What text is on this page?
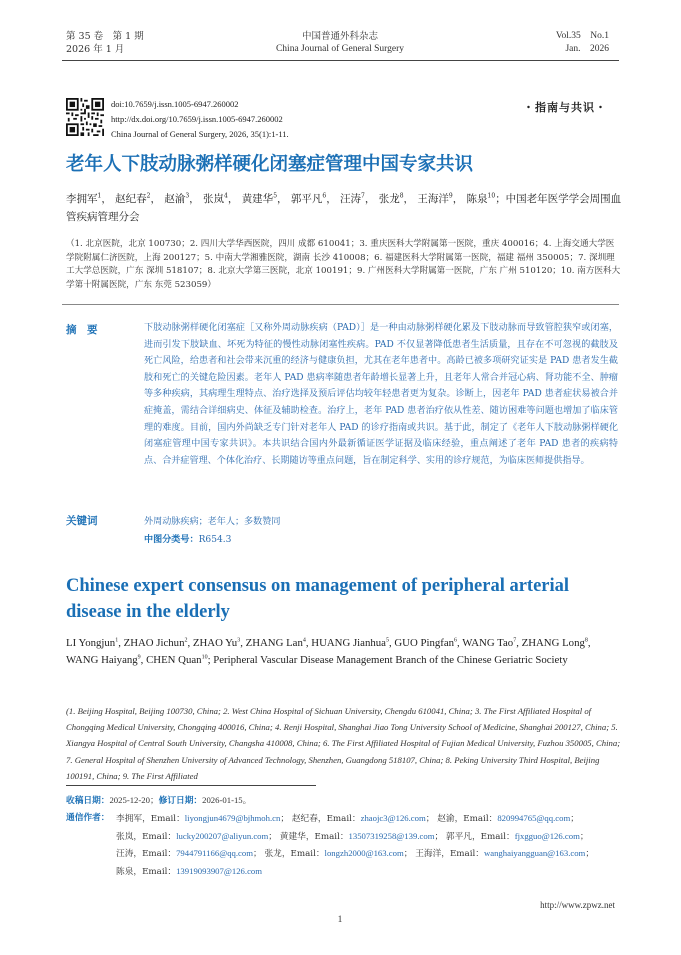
第 35 卷　第 1 期
2026 年 1 月
中国普通外科杂志
China Journal of General Surgery
Vol.35　No.1
Jan.　2026
doi:10.7659/j.issn.1005-6947.260002
http://dx.doi.org/10.7659/j.issn.1005-6947.260002
China Journal of General Surgery, 2026, 35(1):1-11.
・指南与共识・
老年人下肢动脉粥样硬化闭塞症管理中国专家共识
李拥军$^1$， 赵纪春$^2$， 赵渝$^3$， 张岚$^4$， 黄建华$^5$， 郭平凡$^6$， 汪涛$^7$， 张龙$^8$， 王海洋$^9$， 陈泉$^{10}$；中国老年医学学会周围血管疾病管理分会
（1. 北京医院，北京 100730；2. 四川大学华西医院，四川 成都 610041；3. 重庆医科大学附属第一医院，重庆 400016；4. 上海交通大学医学院附属仁济医院，上海 200127；5. 中南大学湘雅医院，湖南 长沙 410008；6. 福建医科大学附属第一医院，福建 福州 350005；7. 深圳理工大学总医院，广东 深圳 518107；8. 北京大学第三医院，北京 100191；9. 广州医科大学附属第一医院，广东 广州 510120；10. 南方医科大学第十附属医院，广东 东莞 523059）
摘　要	下肢动脉粥样硬化闭塞症［又称外周动脉疾病（PAD）］是一种由动脉粥样硬化累及下肢动脉而导致管腔狭窄或闭塞，进而引发下肢缺血、坏死为特征的慢性动脉闭塞性疾病。PAD 不仅显著降低患者生活质量，且存在不可忽视的截肢及死亡风险，给患者和社会带来沉重的经济与健康负担，尤其在老年患者中。高龄已被多项研究证实是 PAD 患者发生截肢和死亡的关键危险因素。老年人 PAD 患病率随患者年龄增长显著上升，且老年人常合并冠心病、肾功能不全、肿瘤等多种疾病，其病理生理特点、治疗选择及预后评估均较年轻患者更为复杂。诊断上，因老年 PAD 患者症状易被合并症掩盖，需结合详细病史、体征及辅助检查。治疗上，老年 PAD 患者治疗依从性差、随访困难等问题也增加了临床管理的难度。目前，国内外尚缺乏专门针对老年人 PAD 的诊疗指南或共识。基于此，制定了《老年人下肢动脉粥样硬化闭塞症管理中国专家共识》。本共识结合国内外最新循证医学证据及临床经验，重点阐述了老年 PAD 患者的疾病特点、合并症管理、个体化治疗、长期随访等重点问题，旨在制定科学、实用的诊疗规范，为临床医师提供指导。
关键词	外周动脉疾病；老年人；多数赞同
中图分类号：R654.3
Chinese expert consensus on management of peripheral arterial disease in the elderly
LI Yongjun$^1$, ZHAO Jichun$^2$, ZHAO Yu$^3$, ZHANG Lan$^4$, HUANG Jianhua$^5$, GUO Pingfan$^6$, WANG Tao$^7$, ZHANG Long$^8$, WANG Haiyang$^9$, CHEN Quan$^{10}$; Peripheral Vascular Disease Management Branch of the Chinese Geriatric Society
(1. Beijing Hospital, Beijing 100730, China; 2. West China Hospital of Sichuan University, Chengdu 610041, China; 3. The First Affiliated Hospital of Chongqing Medical University, Chongqing 400016, China; 4. Renji Hospital, Shanghai Jiao Tong University School of Medicine, Shanghai 200127, China; 5. Xiangya Hospital of Central South University, Changsha 410008, China; 6. The First Affiliated Hospital of Fujian Medical University, Fuzhou 350005, China; 7. General Hospital of Shenzhen University of Advanced Technology, Shenzhen, Guangdong 518107, China; 8. Peking University Third Hospital, Beijing 100191, China; 9. The First Affiliated
收稿日期：2025-12-20；修订日期：2026-01-15。
通信作者： 李拥军，Email：liyongjun4679@bjhmoh.cn； 赵纪春，Email：zhaojc3@126.com； 赵渝，Email：820994765@qq.com；
张岚，Email：lucky200207@aliyun.com； 黄建华，Email：13507319258@139.com； 郭平凡，Email：fjxgguo@126.com；
汪涛，Email：7944791166@qq.com； 张龙，Email：longzh2000@163.com； 王海洋，Email：wanghaiyangguan@163.com；
陈泉，Email：13919093907@126.com
http://www.zpwz.net
1
